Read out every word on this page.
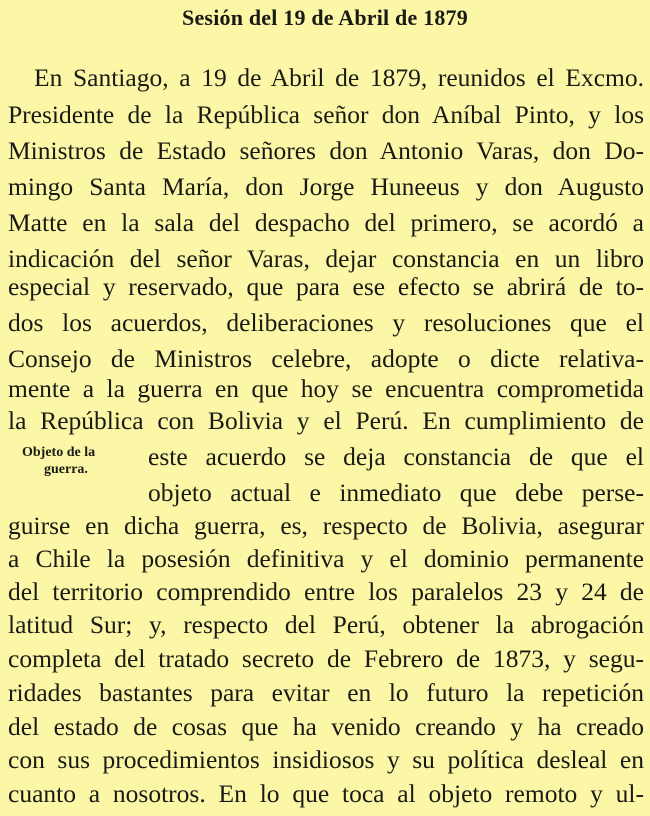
Sesión del 19 de Abril de 1879
En Santiago, a 19 de Abril de 1879, reunidos el Excmo.
Presidente de la República señor don Aníbal Pinto, y los
Ministros de Estado señores don Antonio Varas, don Do-
mingo Santa María, don Jorge Huneeus y don Augusto
Matte en la sala del despacho del primero, se acordó a
indicación del señor Varas, dejar constancia en un libro
especial y reservado, que para ese efecto se abrirá de to-
dos los acuerdos, deliberaciones y resoluciones que el
Consejo de Ministros celebre, adopte o dicte relativa-
mente a la guerra en que hoy se encuentra comprometida
la República con Bolivia y el Perú. En cumplimiento de
Objeto de la
guerra.	este acuerdo se deja constancia de que el
objeto actual e inmediato que debe perse-
guirse en dicha guerra, es, respecto de Bolivia, asegurar
a Chile la posesión definitiva y el dominio permanente
del territorio comprendido entre los paralelos 23 y 24 de
latitud Sur; y, respecto del Perú, obtener la abrogación
completa del tratado secreto de Febrero de 1873, y segu-
ridades bastantes para evitar en lo futuro la repetición
del estado de cosas que ha venido creando y ha creado
con sus procedimientos insidiosos y su política desleal en
cuanto a nosotros. En lo que toca al objeto remoto y ul-
